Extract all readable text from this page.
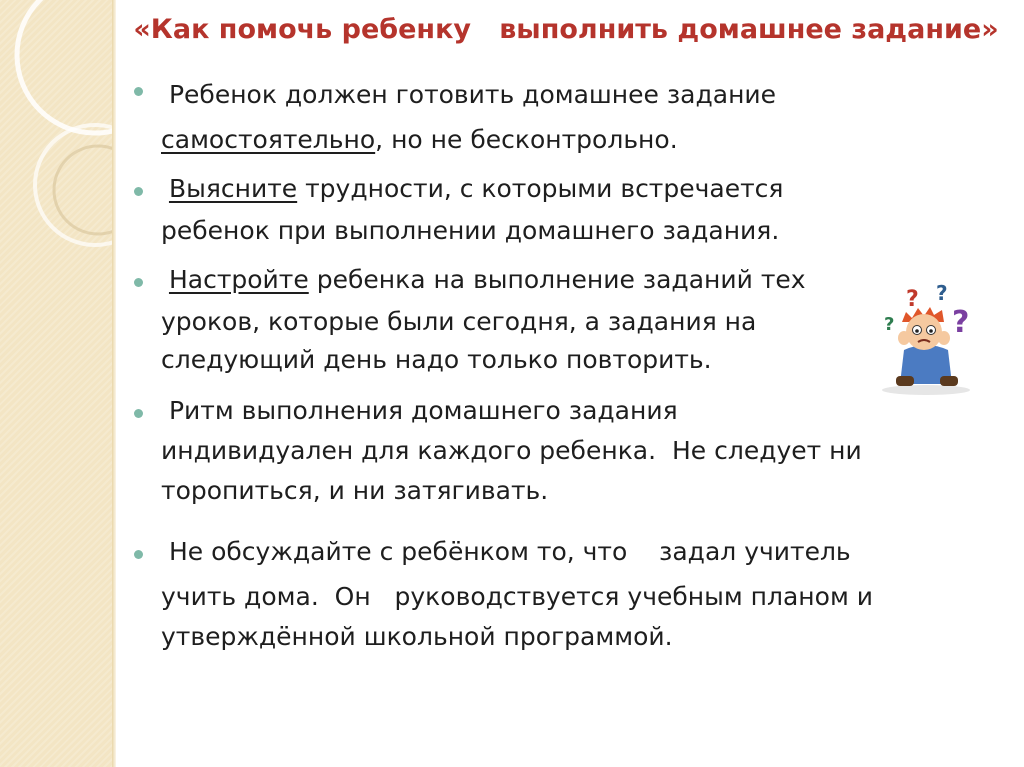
«Как помочь ребенку   выполнить домашнее задание»
Ребенок должен готовить домашнее задание
самостоятельно, но не бесконтрольно.
Выясните трудности, с которыми встречается
ребенок при выполнении домашнего задания.
Настройте ребенка на выполнение заданий тех
уроков, которые были сегодня, а задания на
следующий день надо только повторить.
Ритм выполнения домашнего задания
индивидуален для каждого ребенка.  Не следует ни
торопиться, и ни затягивать.
Не обсуждайте с ребёнком то, что    задал учитель
учить дома.  Он   руководствуется учебным планом и
утверждённой школьной программой.
? ?
?
?
